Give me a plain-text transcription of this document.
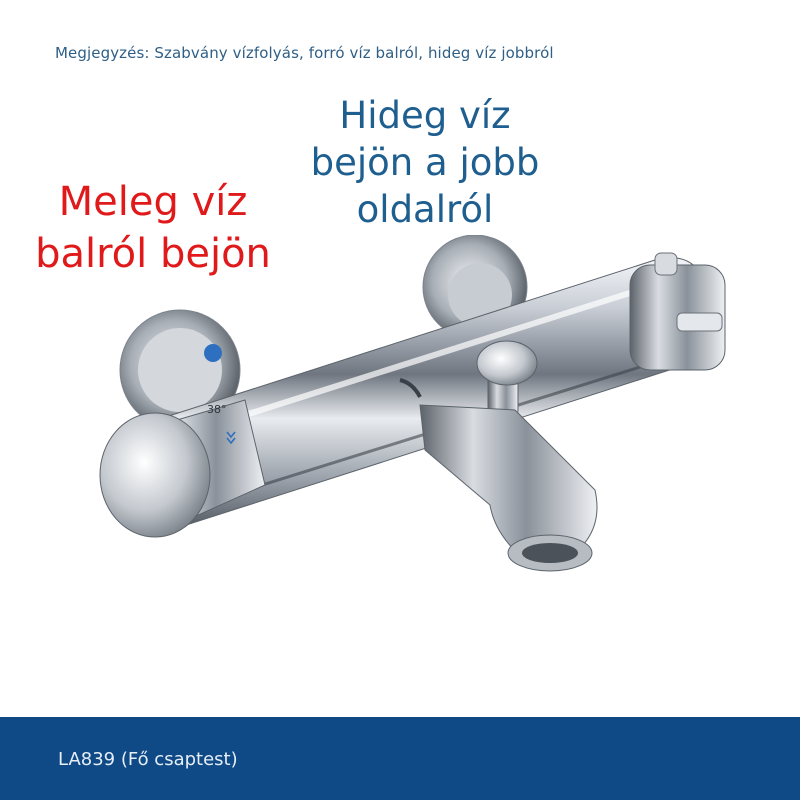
Megjegyzés: Szabvány vízfolyás, forró víz balról, hideg víz jobbról
Hideg víz
bejön a jobb
oldalról
Meleg víz
balról bejön
38°
LA839 (Fő csaptest)
